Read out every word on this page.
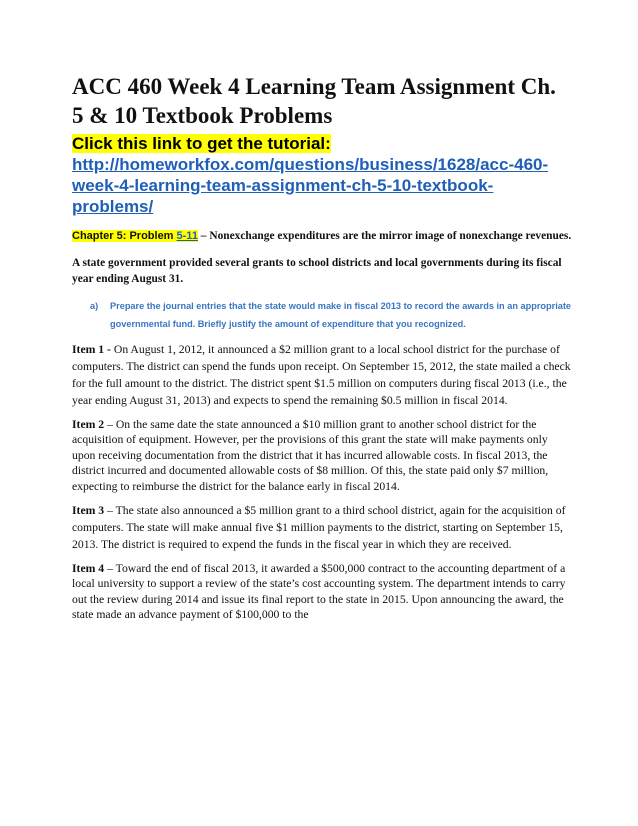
ACC 460 Week 4 Learning Team Assignment Ch. 5 & 10 Textbook Problems
Click this link to get the tutorial:
http://homeworkfox.com/questions/business/1628/acc-460-week-4-learning-team-assignment-ch-5-10-textbook-problems/

Chapter 5: Problem 5-11 – Nonexchange expenditures are the mirror image of nonexchange revenues.

A state government provided several grants to school districts and local governments during its fiscal year ending August 31.

a)	Prepare the journal entries that the state would make in fiscal 2013 to record the awards in an appropriate governmental fund. Briefly justify the amount of expenditure that you recognized.

Item 1 - On August 1, 2012, it announced a $2 million grant to a local school district for the purchase of computers. The district can spend the funds upon receipt. On September 15, 2012, the state mailed a check for the full amount to the district. The district spent $1.5 million on computers during fiscal 2013 (i.e., the year ending August 31, 2013) and expects to spend the remaining $0.5 million in fiscal 2014.

Item 2 – On the same date the state announced a $10 million grant to another school district for the acquisition of equipment. However, per the provisions of this grant the state will make payments only upon receiving documentation from the district that it has incurred allowable costs. In fiscal 2013, the district incurred and documented allowable costs of $8 million. Of this, the state paid only $7 million, expecting to reimburse the district for the balance early in fiscal 2014.

Item 3 – The state also announced a $5 million grant to a third school district, again for the acquisition of computers. The state will make annual five $1 million payments to the district, starting on September 15, 2013. The district is required to expend the funds in the fiscal year in which they are received.

Item 4 – Toward the end of fiscal 2013, it awarded a $500,000 contract to the accounting department of a local university to support a review of the state’s cost accounting system. The department intends to carry out the review during 2014 and issue its final report to the state in 2015. Upon announcing the award, the state made an advance payment of $100,000 to the
